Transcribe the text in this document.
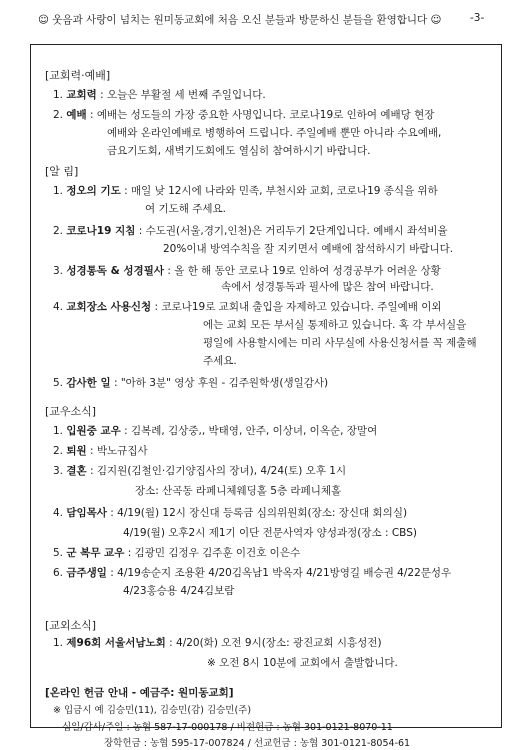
☺ 웃음과 사랑이 넘치는 원미동교회에 처음 오신 분들과 방문하신 분들을 환영합니다 ☺	-3-
[교회력·예배]
1. 교회력 : 오늘은 부활절 세 번째 주일입니다.
2. 예배 : 예배는 성도들의 가장 중요한 사명입니다. 코로나19로 인하여 예배당 현장
예배와 온라인예배로 병행하여 드립니다. 주일예배 뿐만 아니라 수요예배,
금요기도회, 새벽기도회에도 열심히 참여하시기 바랍니다.
[알 림]
1. 정오의 기도 : 매일 낮 12시에 나라와 민족, 부천시와 교회, 코로나19 종식을 위하
여 기도해 주세요.
2. 코로나19 지침 : 수도권(서울,경기,인천)은 거리두기 2단계입니다. 예배시 좌석비율
20%이내 방역수칙을 잘 지키면서 예배에 참석하시기 바랍니다.
3. 성경통독 & 성경필사 : 올 한 해 동안 코로나 19로 인하여 성경공부가 어려운 상황
속에서 성경통독과 필사에 많은 참여 바랍니다.
4. 교회장소 사용신청 : 코로나19로 교회내 출입을 자제하고 있습니다. 주일예배 이외
에는 교회 모든 부서실 통제하고 있습니다. 혹 각 부서실을
평일에 사용할시에는 미리 사무실에 사용신청서를 꼭 제출해
주세요.
5. 감사한 일 : "아하 3분" 영상 후원 - 김주원학생(생일감사)
[교우소식]
1. 입원중 교우 : 김복례, 김상중,, 박태영, 안주, 이상녀, 이옥순, 장말여
2. 퇴원 : 박노규집사
3. 결혼 : 김지원(김철인·김기양집사의 장녀), 4/24(토) 오후 1시
장소: 산곡동 라페니체웨딩홀 5층 라페니체홀
4. 담임목사 : 4/19(월) 12시 장신대 등록금 심의위원회(장소: 장신대 회의실)
4/19(월) 오후2시 제1기 이단 전문사역자 양성과정(장소 : CBS)
5. 군 복무 교우 : 김광민 김정우 김주훈 이건호 이은수
6. 금주생일 : 4/19송순지 조용환 4/20김옥남1 박옥자 4/21방영길 배승권 4/22문성우
4/23홍승용 4/24김보람
[교외소식]
1. 제96회 서울서남노회 : 4/20(화) 오전 9시(장소: 광진교회 시흥성전)
※ 오전 8시 10분에 교회에서 출발합니다.
[온라인 헌금 안내 - 예금주: 원미동교회]
※ 입금시 예 김승민(11), 김승민(감) 김승민(주)
십일/감사/주일 : 농협 587-17-000178 / 비전헌금 : 농협 301-0121-8070-11
장학헌금 : 농협 595-17-007824 / 선교헌금 : 농협 301-0121-8054-61
